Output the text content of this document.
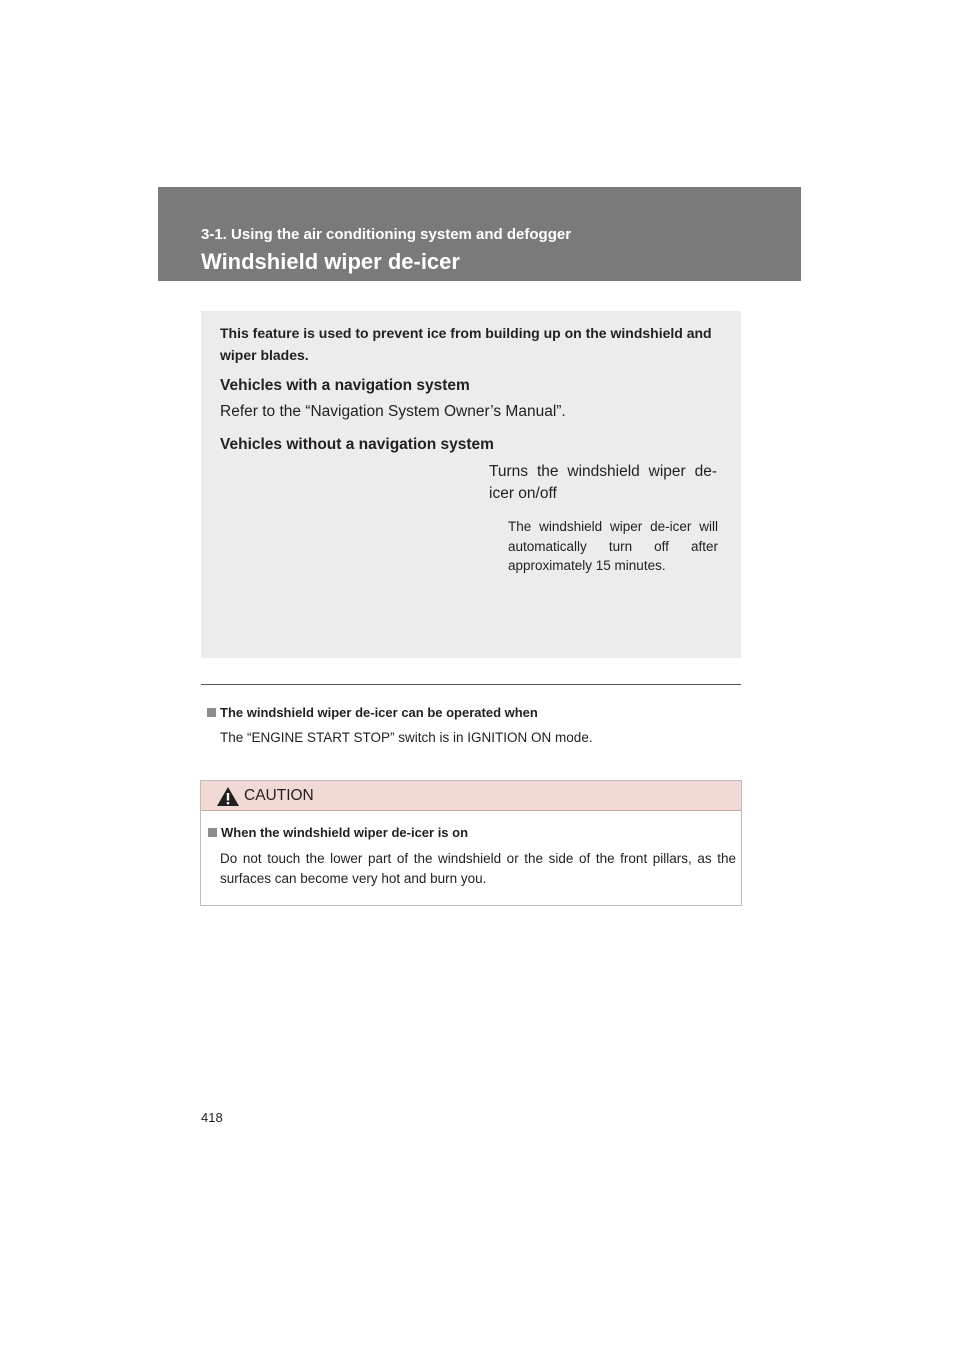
3-1. Using the air conditioning system and defogger
Windshield wiper de-icer
This feature is used to prevent ice from building up on the windshield and wiper blades.
Vehicles with a navigation system
Refer to the “Navigation System Owner’s Manual”.
Vehicles without a navigation system
Turns the windshield wiper de-icer on/off
The windshield wiper de-icer will automatically turn off after approximately 15 minutes.
The windshield wiper de-icer can be operated when
The “ENGINE START STOP” switch is in IGNITION ON mode.
CAUTION
When the windshield wiper de-icer is on
Do not touch the lower part of the windshield or the side of the front pillars, as the surfaces can become very hot and burn you.
418
